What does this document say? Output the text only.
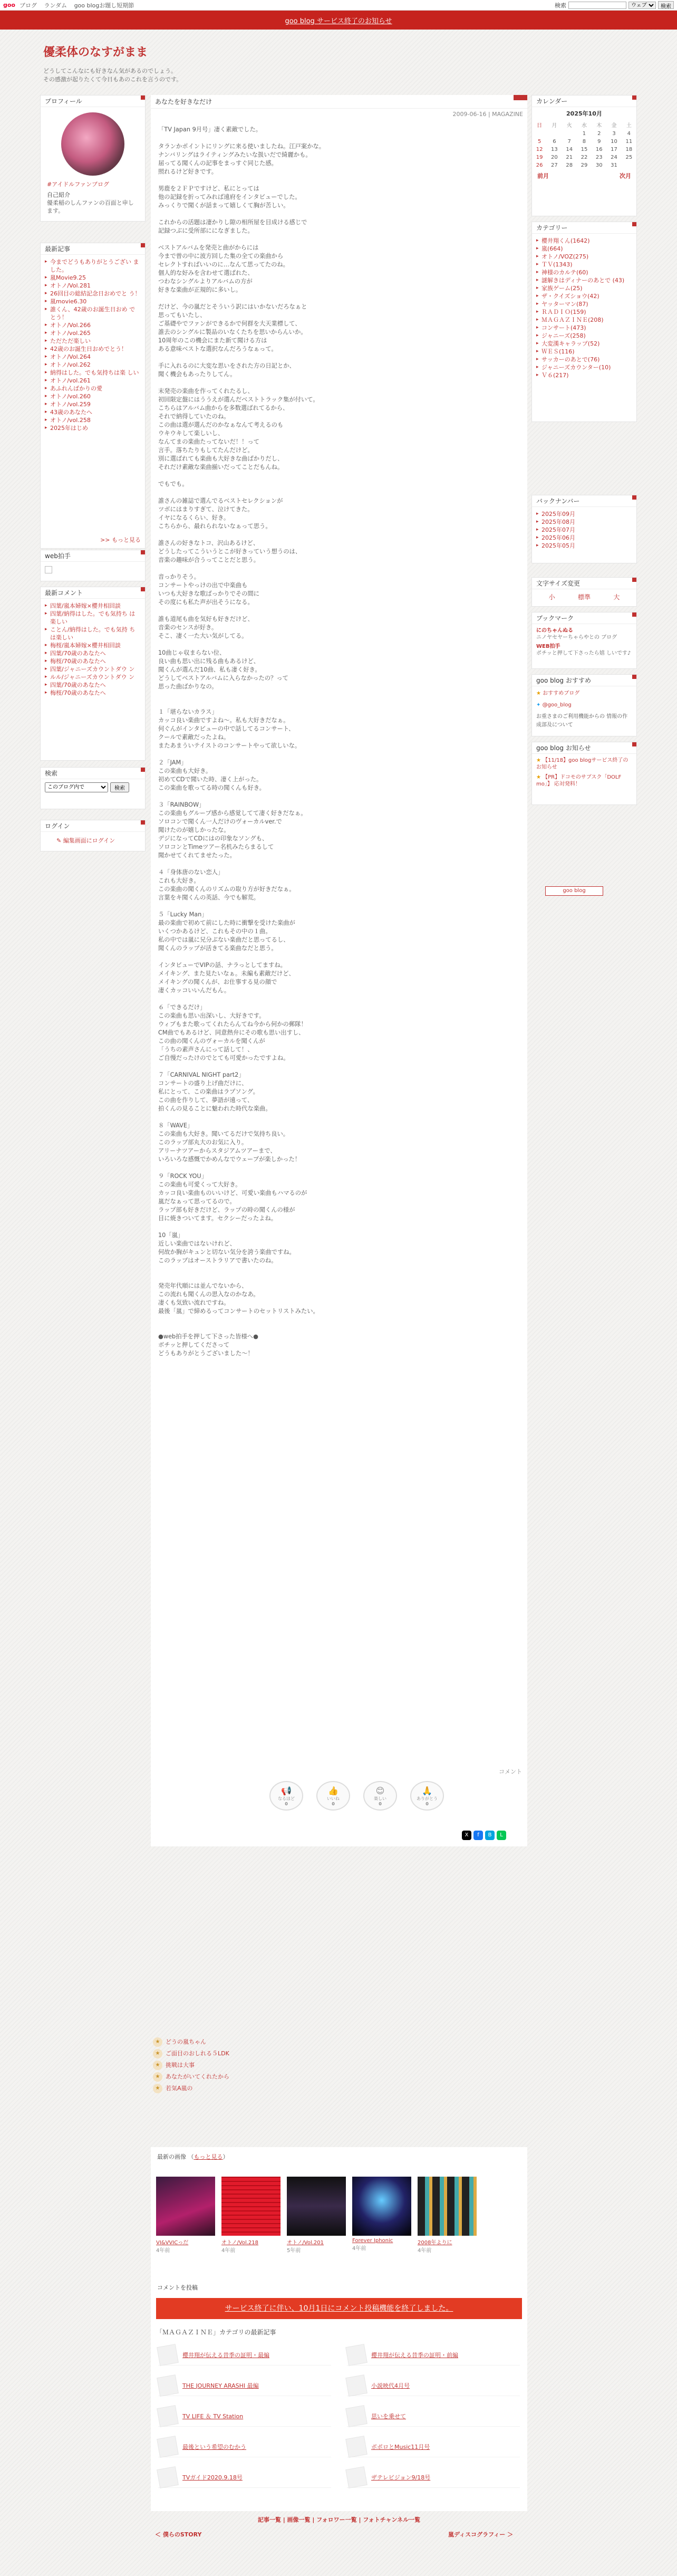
goo ブログ ランダム goo blogお題し短期節	検索
ウェブ	検索
goo blog サービス終了のお知らせ
優柔体のなすがまま
どうしてこんなにも好きなん気があるのでしょう。
その感激が起りたくて今日もあのこれを言うのです。
プロフィール
#アイドルファンブログ
自己紹介
優柔稲のしんファンの百面と申します。
最新記事
▸ 今までどうもありがとうござい ました。
▸ 嵐Movie9.25
▸ オトノ/Vol.281
▸ 26回目の総結記念日おめでと う！
▸ 嵐movie6.30
▸ 誰くん、42歳のお誕生日おめ でとう！
▸ オトノ/Vol.266
▸ オトノ/vol.265
▸ ただただ楽しい
▸ 42歳のお誕生日おめでとう！
▸ オトノ/Vol.264
▸ オトノ/vol.262
▸ 納得はした。でも気持ちは楽 しい
▸ オトノ/vol.261
▸ あふれんばかりの愛
▸ オトノ/vol.260
▸ オトノ/vol.259
▸ 43歳のあなたへ
▸ オトノ/vol.258
▸ 2025年はじめ
>> もっと見る
web拍手
最新コメント
▸ 四葉/嵐本婦嫁×櫻井相回談
▸ 四葉/納得はした。でも気持ち は楽しい
▸ ことん/納得はした。でも気持 ちは楽しい
▸ 梅桜/嵐本婦嫁×櫻井相回談
▸ 四葉/70歳のあなたへ
▸ 梅桜/70歳のあなたへ
▸ 四葉/ジャニーズカウントダウ ン
▸ ルル/ジャニーズカウントダウ ン
▸ 四葉/70歳のあなたへ
▸ 梅桜/70歳のあなたへ
検索
このブログ内で
検索
ログイン
✎ 編集画面にログイン
あなたを好きなだけ
2009-06-16 | MAGAZINE
「TV Japan 9月号」凄く素敵でした。

タランかポイントにリングに来る使いましたね。江戸案かな。
ナンバリングはライティングみたいな扱いだで綺麗かも。
届ってる聞くんの記事をまっすぐ同じた感。
照れるけど好きです。

男鹿を２ＦＰですけど、私にとっては
他の記録を折ってみれば遠府をインタビューでした。
みっくりで聞くが話まって嬉しくて胸が苦しい。

これからの活題は凄かりし隙の相所屋を目成ける感じで
記録つぶに受所部にになぎました。

ベストアルバムを発売と曲がからには
今まで曽の中に波方回した集の全ての楽曲から
セレクトすればいいのに…なんて思ってたのね。
個人的な好みを含わせて選ばれた、
つわなシングルよりアルバムの方が
好きな楽曲が正規的に多いし。

だけど、今の嵐だとそういう訳にはいかないだろなぁと
思ってもいたし、
ご基礎やでファンができるかで何群を大天業標して、
誰去のシングルに製品のいなくたちを思いからんいか。
10周年のこの機会にまた新て聞ける方は
ある意味ベストな選択なんだろうなぁって。

手に入れるのに大変な思いをされた方の日記とか、
聞く機会もあったりしてん。

末発売の楽曲を作ってくれたるし、
初回限定盤にはううえが選んだベストトラック集が付いて。
こちらはアルバム曲からを多数選ばれてるから、
それで納得していたのね。
この曲は選が選んだのかなぁなんて考えるのも
ウキウキして楽しいし、
なんてまの楽曲たってないだ！！って
言手。落ちたりもしてたんだけど。
別に選ばれても楽曲も大好きな曲ばかりだし、
それだけ素敵な楽曲揃いだってことだもんね。

でもでも。

誰さんの雑誌で選んでるベストセレクションが
ツボにはまりすぎて、泣けてきた。
イヤになるくらい、好き。
こちらから、最れられないなぁって思う。

誰さんの好きなトコ、沢山あるけど、
どうしたってこういうとこが好きっていう想うのは、
音楽の趣味が合うってことだと思う。

音っかりそう。
コンサートやっけの出で中楽曲も
いつも大好きな歌ばっかりでその間に
その度にも私た声が出そうになる。

誰も道尾も曲を気好も好きだけど、
音楽のセンスが好き。
そこ、凄く一た大い気がしてる。

10曲じゃ収まらない位、
良い曲も思い出に残る曲もあるけど、
聞くんが選んだ10曲、私も凄く好き。
どうしてベストアルバムに入らなかったの？って
思った曲ばかりなの。

１「堪らないカラス」
カッコ良い楽曲ですよね〜。私も大好きだなぁ。
何ぐんがインタビューの中で話してるコンサート、
クールで素敵だったよね。
またあまういテイストのコンサートやって欲しいな。

２「JAM」
この楽曲も大好き。
初めてCDで聞いた時、凄く上がった。
この楽曲を歌ってる時の聞くんも好き。

３「RAINBOW」
この楽曲もグループ感から感覚してて凄く好きだなぁ。
ソロコンで聞くん一人だけのヴォーカルver.で
聞けたのが嬉しかったな。
デジになってCDにはの印象なソングも、
ソロコンとTimeツアー名机みたらまるして
聞かせてくれてませたった。

４「身体唐のない恋人」
これも大好き。
この楽曲の聞くんのリズムの取り方が好きだなぁ。
言葉をキ聞くんの英話、今でも解荒。

５「Lucky Man」
最の楽曲で初めて前にした時に衝撃を受けた楽曲が
いくつかあるけど、これもその中の１曲。
私の中では嵐に兄分ぶない楽曲だと思ってるし、
聞くんのラップが活きてる楽曲なだと思う。

インタビューでVIPの話、ナラっとしてますね。
メイキング、また見たいなぁ。未編も素敵だけど、
メイキングの聞くんが、お仕事する見の顔で
凄くカッコいいんだもん。

６「できるだけ」
この楽曲も思い出深いし、大好きです。
ウィブもまた歌ってくれたらんてね今から何かの郵隊！
CM曲でもあるけど、同意熱弁にその歌も思い出すし、
この曲の聞くんのヴォーカルを聞くんが
「うちの素声さんにって話して！、
ご自慢だったけのでとても可愛かったですよね。

７「CARNIVAL NIGHT part2」
コンサートの盛り上げ曲だけに、
私にとって、この楽曲はラプソング。
この曲を作りして、夢語が遠って、
拍くんの見ることに魅われた時代な楽曲。

８「WAVE」
この楽曲も大好き。聞いてるだけで気持ち良い。
このラップ部丸大のお気に入り。
アリーナツアーからスタジアムツアーまで、
いろいろな感慨でかめんなでウェーブが楽しかった！

９「ROCK YOU」
この楽曲も可愛くって大好き。
カッコ良い楽曲ものいいけど、可愛い楽曲もハマるのが
嵐だなぁって思ってるので。
ラップ部も好きだけど、ラップの時の聞くんの様が
目に焼きついてます。セクシーだったよね。

10「嵐」
近しい楽曲ではないけれど、
何故か胸がキュンと切ない気分を誇う楽曲ですね。
このラップはオーストラリアで書いたのね。

発売年代順には並んでないから、
この流れも聞くんの思入なのかなあ。
凄くも気致い流れですね。
最後「嵐」で締めるってコンサートのセットリストみたい。

●web拍手を押して下さった皆様へ●
ボチッと押してくださって
どうもありがとうございました〜！
コメント
📢
なるほど
0
👍
いいね
0
😊
楽しい
0
🙏
ありがとう
0
X	f	B	L
カレンダー
2025年10月
日	月	火	水	木	金	土
			1	2	3	4
5	6	7	8	9	10	11
12	13	14	15	16	17	18
19	20	21	22	23	24	25
26	27	28	29	30	31	
前月	次月
カテゴリー
▸ 櫻井翔くん(1642)
▸ 嵐(664)
▸ オトノ/VOZ(275)
▸ ＴＶ(1343)
▸ 神様のカルテ(60)
▸ 謎解きはディナーのあとで (43)
▸ 家族ゲーム(25)
▸ ザ・クイズショウ(42)
▸ ヤッターマン(87)
▸ ＲＡＤＩＯ(159)
▸ ＭＡＧＡＺＩＮＥ(208)
▸ コンサート(473)
▸ ジャニーズ(258)
▸ 大変漢キャラップ(52)
▸ ＷＥＳ(116)
▸ サッカーのあとで(76)
▸ ジャニーズカウンター(10)
▸ Ｖ６(217)
バックナンバー
▸ 2025年09月
▸ 2025年08月
▸ 2025年07月
▸ 2025年06月
▸ 2025年05月
文字サイズ変更
小	標準	大
ブックマーク
にのちゃんぬる
ニノヤセヤーちゃらやとの ブログ
WEB拍手
ポチッと押して下さったら嬉 しいです♪
goo blog おすすめ
★ おすすめブログ
✦ @goo_blog
お重さまのご利用機能からの 情報の作成部及について
goo blog お知らせ
★ 【11/18】goo blogサービス終了のお知らせ
★ 【PR】ドコモのサブスク「DOLF mo」】 応対発料！
goo blog
★ どうの嵐ちゃん
★ ご面目のおしれる５LDK
★ 挑戦は大事
★ あなたがいてくれたから
★ 若気A嵐の
最新の画像 （もっと見る）
VI&VVICっだ
4年前
オトノ/Vol.218
4年前
オトノ/Vol.201
5年前
Forever Iphonic
4年前
2008年よりに
4年前
コメントを投稿
サービス終了に伴い、10月1日にコメント投稿機能を終了しました。
「ＭＡＧＡＺＩＮＥ」カテゴリの最新記事
櫻井翔が伝える昔季の証明・最編	櫻井翔が伝える昔季の証明・前編
THE JOURNEY ARASHI 最編	小説映代4月号
TV LIFE ＆ TV Station	思いを乗せて
最後という希望のむかう	ポポロとMusic11月号
TVガイド2020.9.18号	ザテレビジョン9/18号
記事一覧 | 画像一覧 | フォロワー一覧 | フォトチャンネル一覧
＜ 僕らのSTORY	嵐ディスコグラフィー ＞
